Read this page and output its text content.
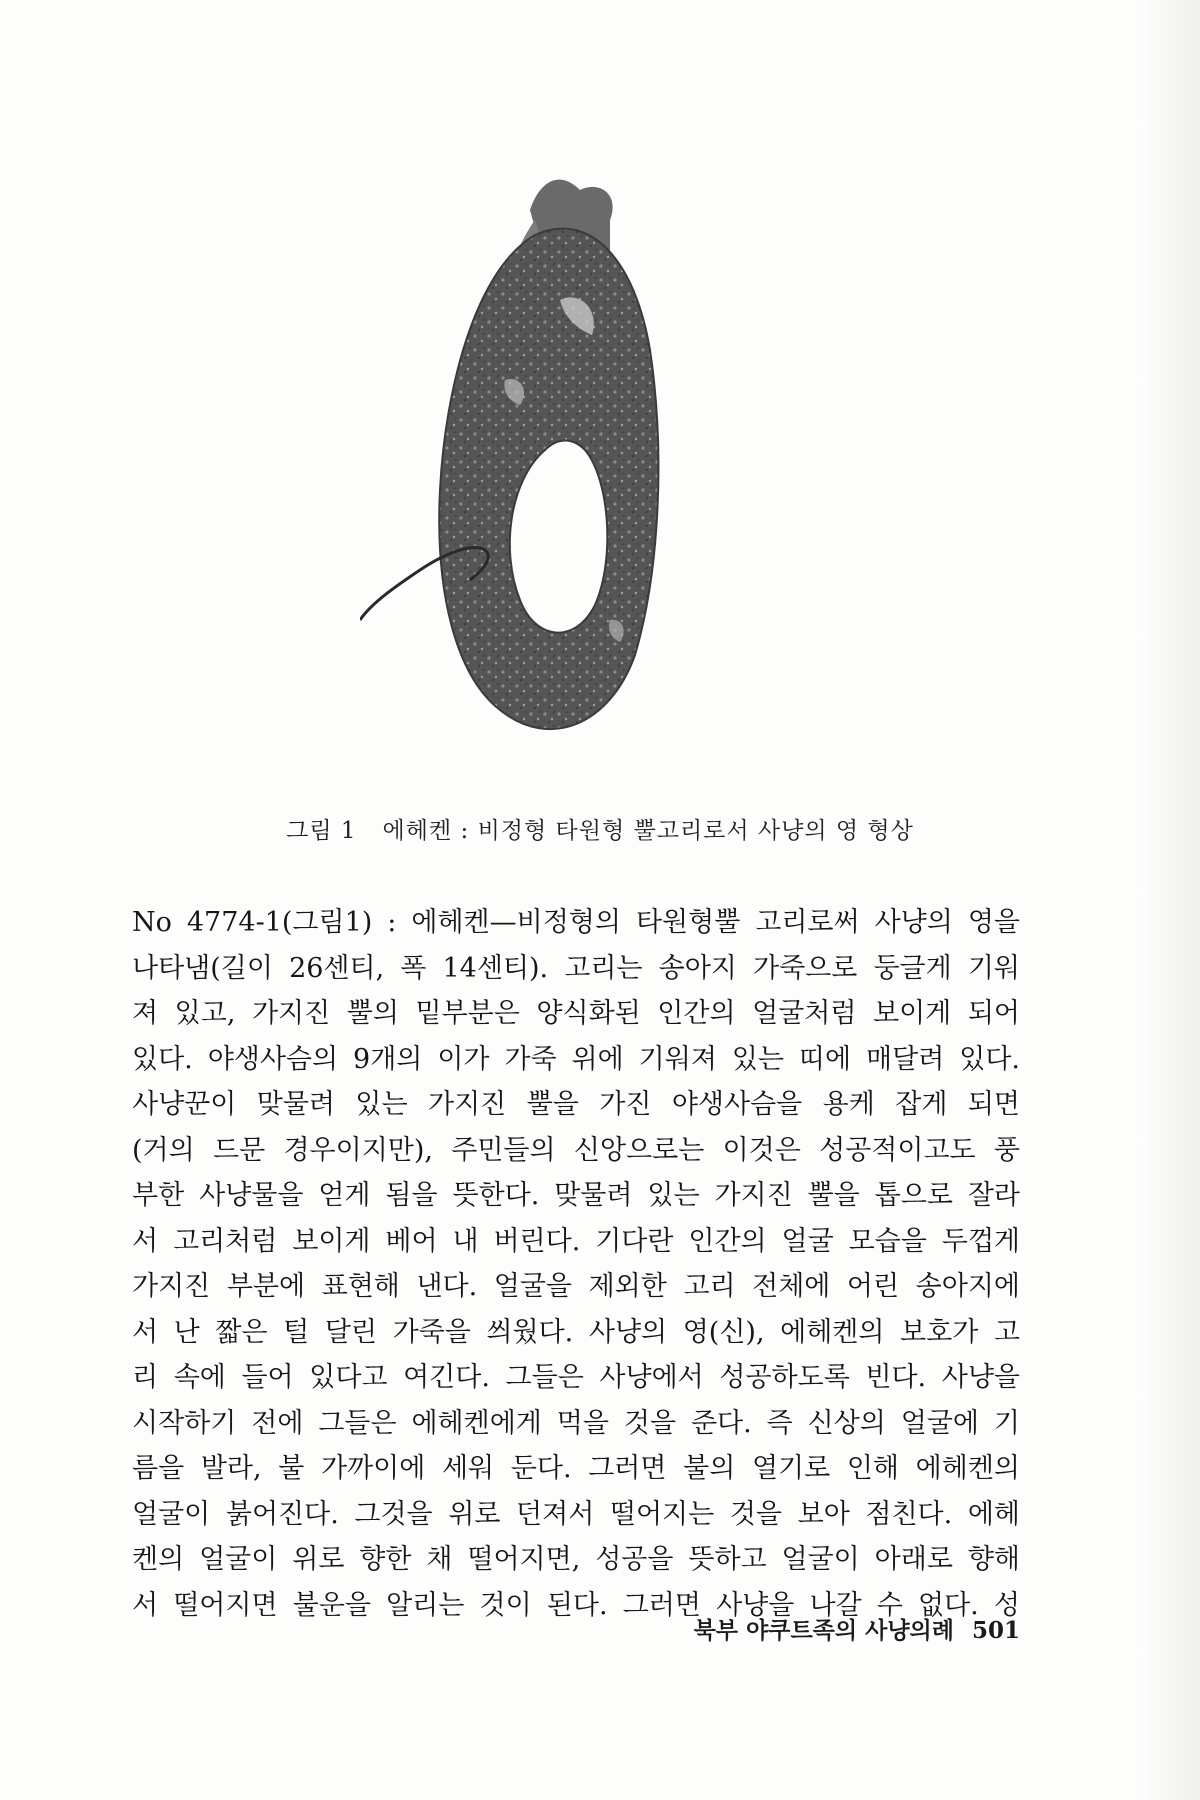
그림 1 에헤켄 : 비정형 타원형 뿔고리로서 사냥의 영 형상
No 4774-1(그림1) : 에헤켄—비정형의 타원형뿔 고리로써 사냥의 영을
나타냄(길이 26센티, 폭 14센티). 고리는 송아지 가죽으로 둥글게 기워
져 있고, 가지진 뿔의 밑부분은 양식화된 인간의 얼굴처럼 보이게 되어
있다. 야생사슴의 9개의 이가 가죽 위에 기워져 있는 띠에 매달려 있다.
사냥꾼이 맞물려 있는 가지진 뿔을 가진 야생사슴을 용케 잡게 되면
(거의 드문 경우이지만), 주민들의 신앙으로는 이것은 성공적이고도 풍
부한 사냥물을 얻게 됨을 뜻한다. 맞물려 있는 가지진 뿔을 톱으로 잘라
서 고리처럼 보이게 베어 내 버린다. 기다란 인간의 얼굴 모습을 두껍게
가지진 부분에 표현해 낸다. 얼굴을 제외한 고리 전체에 어린 송아지에
서 난 짧은 털 달린 가죽을 씌웠다. 사냥의 영(신), 에헤켄의 보호가 고
리 속에 들어 있다고 여긴다. 그들은 사냥에서 성공하도록 빈다. 사냥을
시작하기 전에 그들은 에헤켄에게 먹을 것을 준다. 즉 신상의 얼굴에 기
름을 발라, 불 가까이에 세워 둔다. 그러면 불의 열기로 인해 에헤켄의
얼굴이 붉어진다. 그것을 위로 던져서 떨어지는 것을 보아 점친다. 에헤
켄의 얼굴이 위로 향한 채 떨어지면, 성공을 뜻하고 얼굴이 아래로 향해
서 떨어지면 불운을 알리는 것이 된다. 그러면 사냥을 나갈 수 없다. 성
북부 야쿠트족의 사냥의례 501
